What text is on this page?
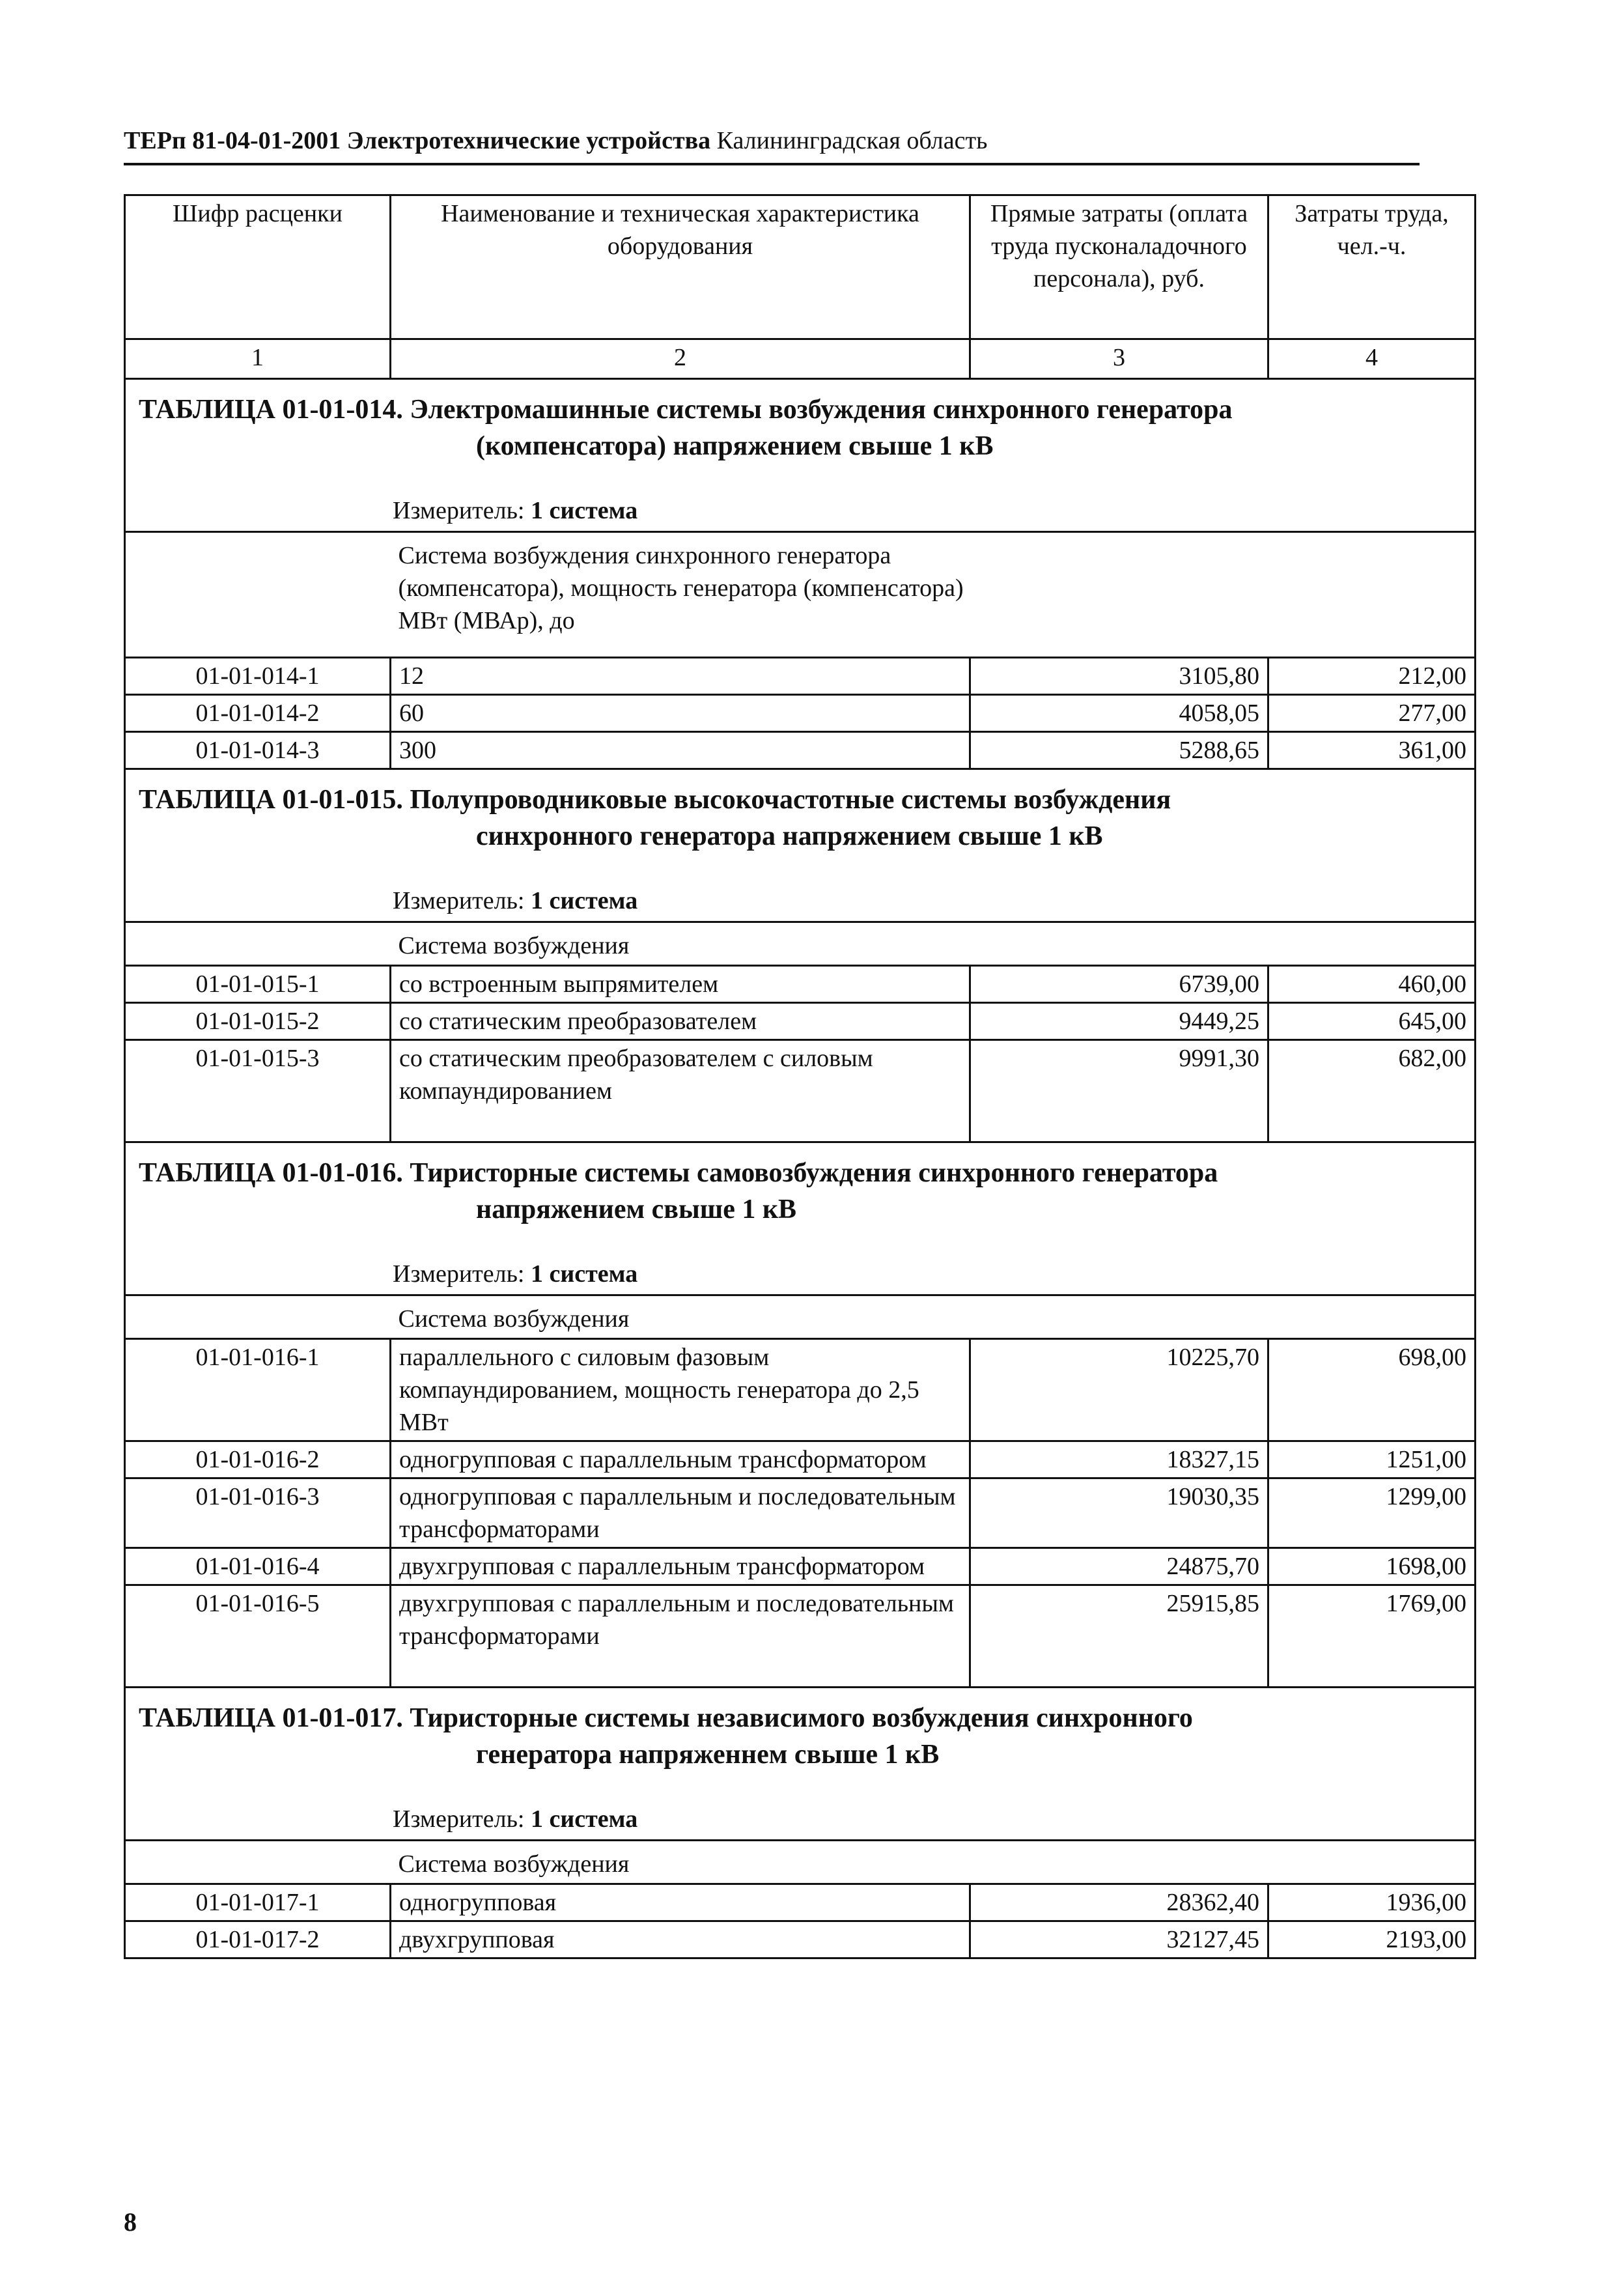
ТЕРп 81-04-01-2001 Электротехнические устройства Калининградская область
Шифр расценки	Наименование и техническая характеристика оборудования	Прямые затраты (оплата труда пусконаладочного персонала), руб.	Затраты труда, чел.-ч.
1	2	3	4

ТАБЛИЦА 01-01-014. Электромашинные системы возбуждения синхронного генератора
(компенсатора) напряжением свыше 1 кВ			

Измеритель: 1 система			

	Система возбуждения синхронного генератора (компенсатора), мощность генератора (компенсатора) МВт (МВАр), до		

01-01-014-1	12	3105,80	212,00
01-01-014-2	60	4058,05	277,00
01-01-014-3	300	5288,65	361,00

ТАБЛИЦА 01-01-015. Полупроводниковые высокочастотные системы возбуждения
синхронного генератора напряжением свыше 1 кВ			

Измеритель: 1 система			
	Система возбуждения		
01-01-015-1	со встроенным выпрямителем	6739,00	460,00
01-01-015-2	со статическим преобразователем	9449,25	645,00
01-01-015-3	со статическим преобразователем с силовым компаундированием	9991,30	682,00

ТАБЛИЦА 01-01-016. Тиристорные системы самовозбуждения синхронного генератора
напряжением свыше 1 кВ			

Измеритель: 1 система			
	Система возбуждения		
01-01-016-1	параллельного с силовым фазовым компаундированием, мощность генератора до 2,5 МВт	10225,70	698,00
01-01-016-2	одногрупповая с параллельным трансформатором	18327,15	1251,00
01-01-016-3	одногрупповая с параллельным и последовательным трансформаторами	19030,35	1299,00
01-01-016-4	двухгрупповая с параллельным трансформатором	24875,70	1698,00
01-01-016-5	двухгрупповая с параллельным и последовательным трансформаторами	25915,85	1769,00

ТАБЛИЦА 01-01-017. Тиристорные системы независимого возбуждения синхронного
генератора напряженнем свыше 1 кВ			

Измеритель: 1 система			
	Система возбуждения		
01-01-017-1	одногрупповая	28362,40	1936,00
01-01-017-2	двухгрупповая	32127,45	2193,00
8
